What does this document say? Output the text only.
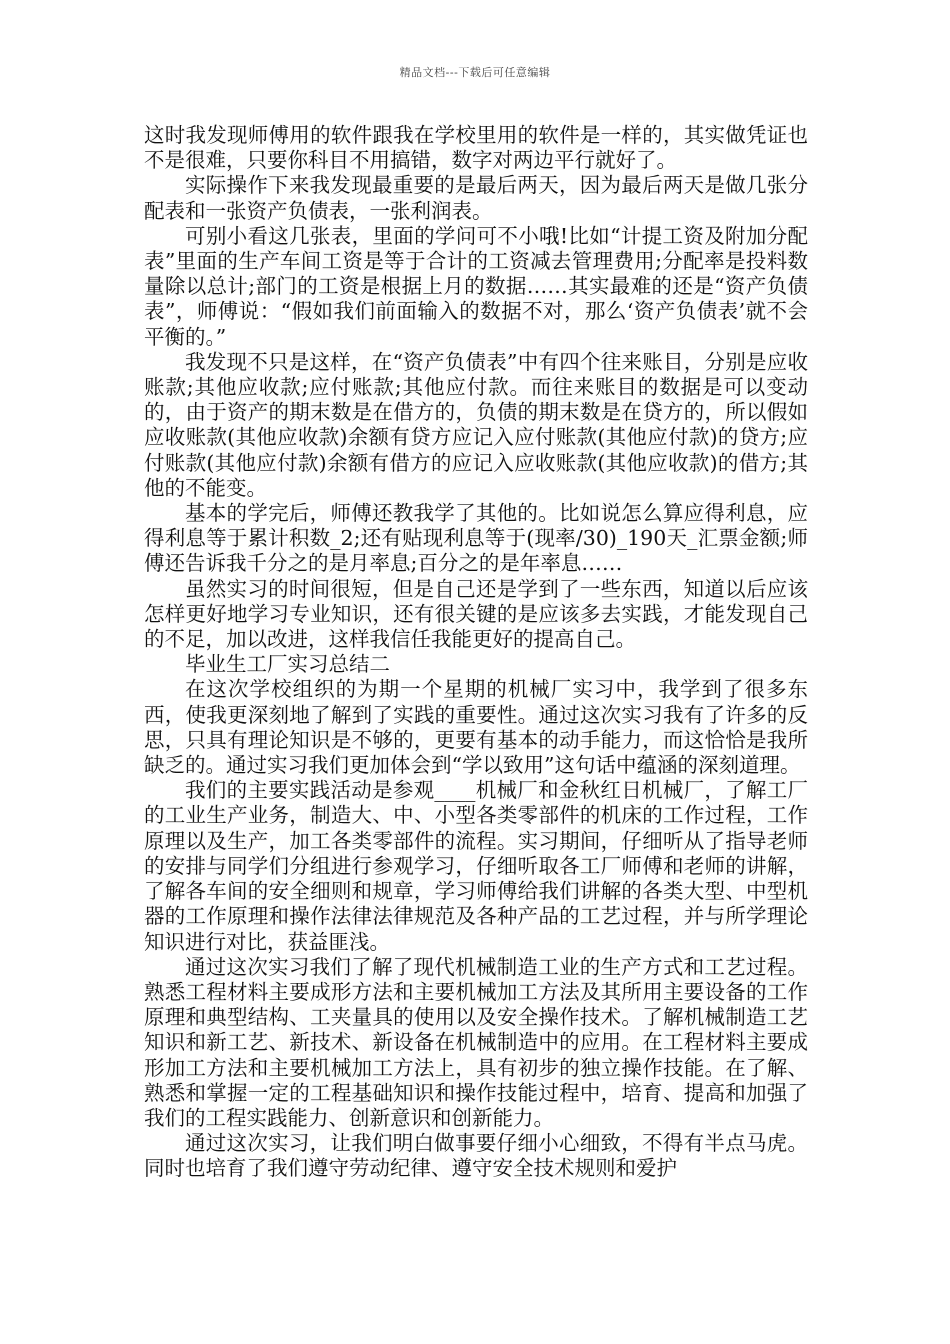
精品文档---下载后可任意编辑

这时我发现师傅用的软件跟我在学校里用的软件是一样的，其实做凭证也不是很难，只要你科目不用搞错，数字对两边平行就好了。

实际操作下来我发现最重要的是最后两天，因为最后两天是做几张分配表和一张资产负债表，一张利润表。

可别小看这几张表，里面的学问可不小哦!比如“计提工资及附加分配表”里面的生产车间工资是等于合计的工资减去管理费用;分配率是投料数量除以总计;部门的工资是根据上月的数据……其实最难的还是“资产负债表”，师傅说：“假如我们前面输入的数据不对，那么‘资产负债表’就不会平衡的。”

我发现不只是这样，在“资产负债表”中有四个往来账目，分别是应收账款;其他应收款;应付账款;其他应付款。而往来账目的数据是可以变动的，由于资产的期末数是在借方的，负债的期末数是在贷方的，所以假如应收账款(其他应收款)余额有贷方应记入应付账款(其他应付款)的贷方;应付账款(其他应付款)余额有借方的应记入应收账款(其他应收款)的借方;其他的不能变。

基本的学完后，师傅还教我学了其他的。比如说怎么算应得利息，应得利息等于累计积数_2;还有贴现利息等于(现率/30)_190天_汇票金额;师傅还告诉我千分之的是月率息;百分之的是年率息……

虽然实习的时间很短，但是自己还是学到了一些东西，知道以后应该怎样更好地学习专业知识，还有很关键的是应该多去实践，才能发现自己的不足，加以改进，这样我信任我能更好的提高自己。

毕业生工厂实习总结二

在这次学校组织的为期一个星期的机械厂实习中，我学到了很多东西，使我更深刻地了解到了实践的重要性。通过这次实习我有了许多的反思，只具有理论知识是不够的，更要有基本的动手能力，而这恰恰是我所缺乏的。通过实习我们更加体会到“学以致用”这句话中蕴涵的深刻道理。

我们的主要实践活动是参观____机械厂和金秋红日机械厂，了解工厂的工业生产业务，制造大、中、小型各类零部件的机床的工作过程，工作原理以及生产，加工各类零部件的流程。实习期间，仔细听从了指导老师的安排与同学们分组进行参观学习，仔细听取各工厂师傅和老师的讲解，了解各车间的安全细则和规章，学习师傅给我们讲解的各类大型、中型机器的工作原理和操作法律法律规范及各种产品的工艺过程，并与所学理论知识进行对比，获益匪浅。

通过这次实习我们了解了现代机械制造工业的生产方式和工艺过程。熟悉工程材料主要成形方法和主要机械加工方法及其所用主要设备的工作原理和典型结构、工夹量具的使用以及安全操作技术。了解机械制造工艺知识和新工艺、新技术、新设备在机械制造中的应用。在工程材料主要成形加工方法和主要机械加工方法上，具有初步的独立操作技能。在了解、熟悉和掌握一定的工程基础知识和操作技能过程中，培育、提高和加强了我们的工程实践能力、创新意识和创新能力。

通过这次实习，让我们明白做事要仔细小心细致，不得有半点马虎。同时也培育了我们遵守劳动纪律、遵守安全技术规则和爱护
